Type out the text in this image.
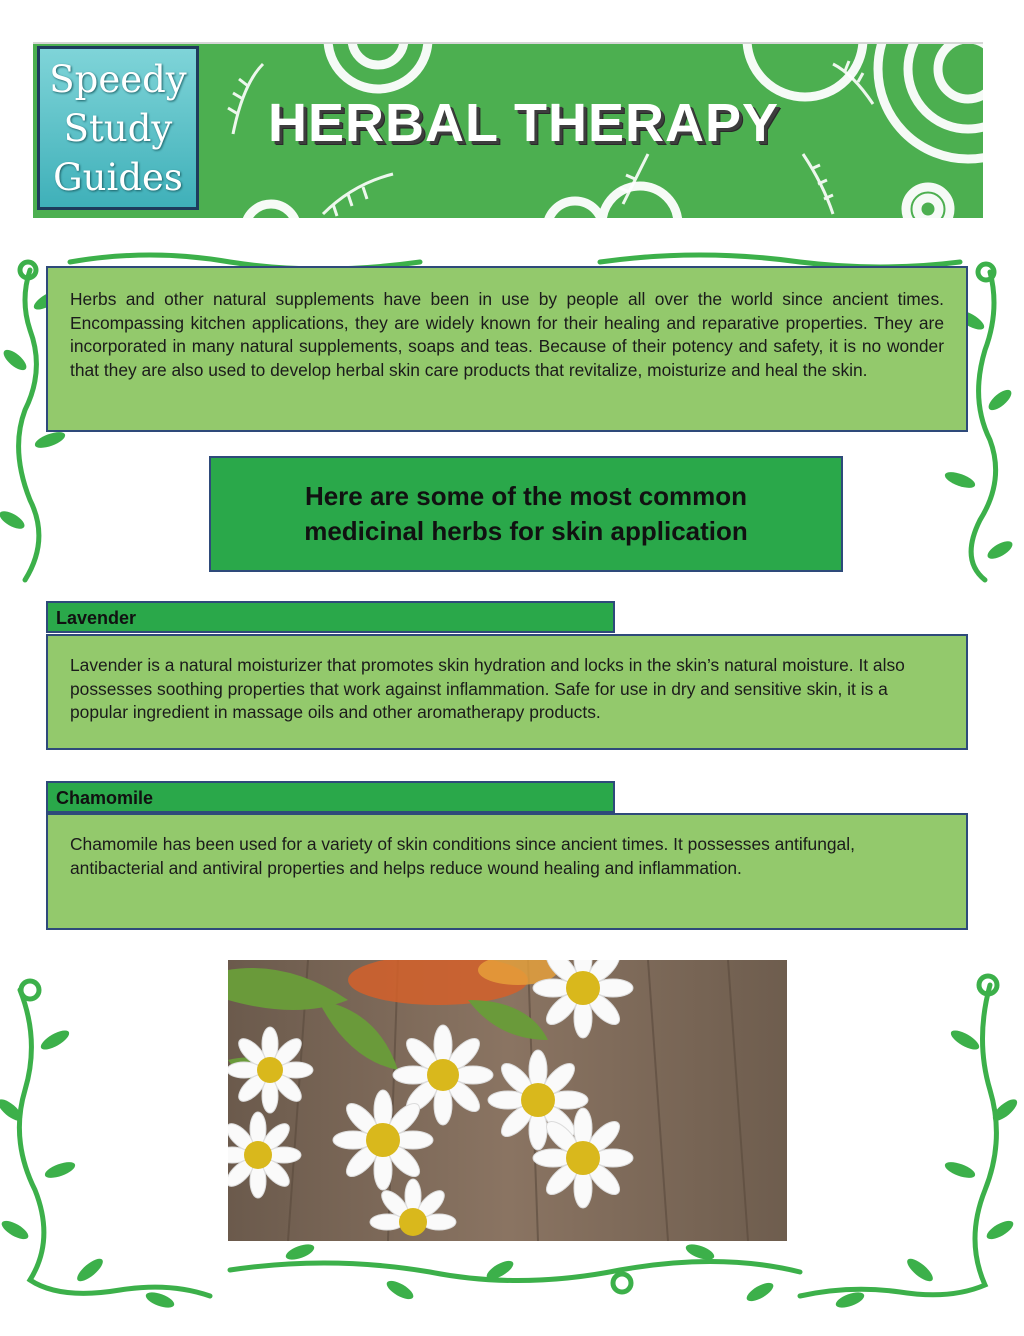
Speedy
Study
Guides
HERBAL THERAPY
Herbs and other natural supplements have been in use by people all over the world since ancient times. Encompassing kitchen applications, they are widely known for their healing and reparative properties. They are incorporated in many natural supplements, soaps and teas. Because of their potency and safety, it is no wonder that they are also used to develop herbal skin care products that revitalize, moisturize and heal the skin.
Here are some of the most common
medicinal herbs for skin application
Lavender
Lavender is a natural moisturizer that promotes skin hydration and locks in the skin’s natural moisture. It also possesses soothing properties that work against inflammation. Safe for use in dry and sensitive skin, it is a popular ingredient in massage oils and other aromatherapy products.
Chamomile
Chamomile has been used for a variety of skin conditions since ancient times. It possesses antifungal, antibacterial and antiviral properties and helps reduce wound healing and inflammation.
